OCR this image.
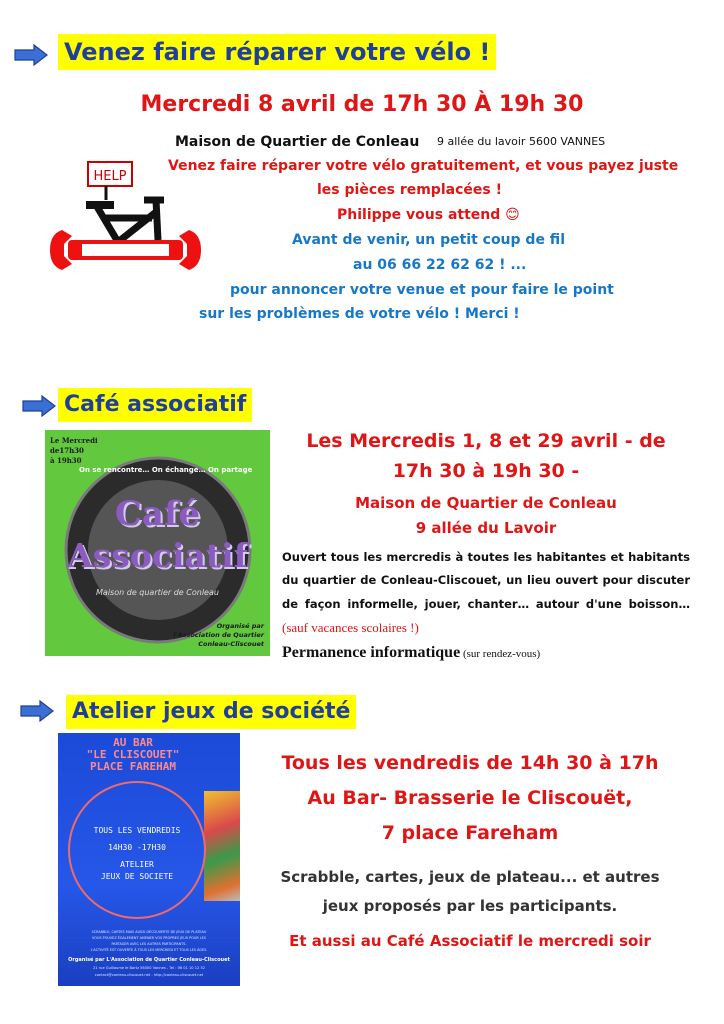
Venez faire réparer votre vélo !
Mercredi 8 avril de 17h 30 À 19h 30
Maison de Quartier de Conleau 9 allée du lavoir 5600 VANNES
HELP
Venez faire réparer votre vélo gratuitement, et vous payez juste
les pièces remplacées !
Philippe vous attend 😊
Avant de venir, un petit coup de fil
au 06 66 22 62 62 ! ...
pour annoncer votre venue et pour faire le point
sur les problèmes de votre vélo ! Merci !
Café associatif
Le Mercredi
de17h30
à 19h30
On se rencontre… On échange… On partage
Café
Associatif
Maison de quartier de Conleau
Organisé par
l'Association de Quartier
Conleau-Cliscouet
Les Mercredis 1, 8 et 29 avril - de
17h 30 à 19h 30 -
Maison de Quartier de Conleau
9 allée du Lavoir
Ouvert tous les mercredis à toutes les habitantes et habitants du quartier de Conleau-Cliscouet, un lieu ouvert pour discuter de façon informelle, jouer, chanter… autour d'une boisson… (sauf vacances scolaires !)
Permanence informatique (sur rendez-vous)
Atelier jeux de société
AU BAR
"LE CLISCOUET"
PLACE FAREHAM
TOUS LES VENDREDIS
14H30 -17H30
ATELIER
JEUX DE SOCIETE
SCRABBLE, CARTES MAIS AUSSI DÉCOUVERTE DE JEUX DE PLATEAU
VOUS POUVEZ ÉGALEMENT AMENER VOS PROPRES JEUX POUR LES
PARTAGER AVEC LES AUTRES PARTICIPANTS.
L'ACTIVITÉ EST OUVERTE À TOUS LES MERCREDI ET TOUS LES ÂGES.
Organisé par L'Association de Quartier Conleau-Cliscouet
21 rue Guillaume le Bartz 56000 Vannes - Tel : 06 01 10 12 52
contact@conleau-cliscouet.net - http://conleau-cliscouet.net
Tous les vendredis de 14h 30 à 17h
Au Bar- Brasserie le Cliscouët,
7 place Fareham
Scrabble, cartes, jeux de plateau... et autres
jeux proposés par les participants.
Et aussi au Café Associatif le mercredi soir
